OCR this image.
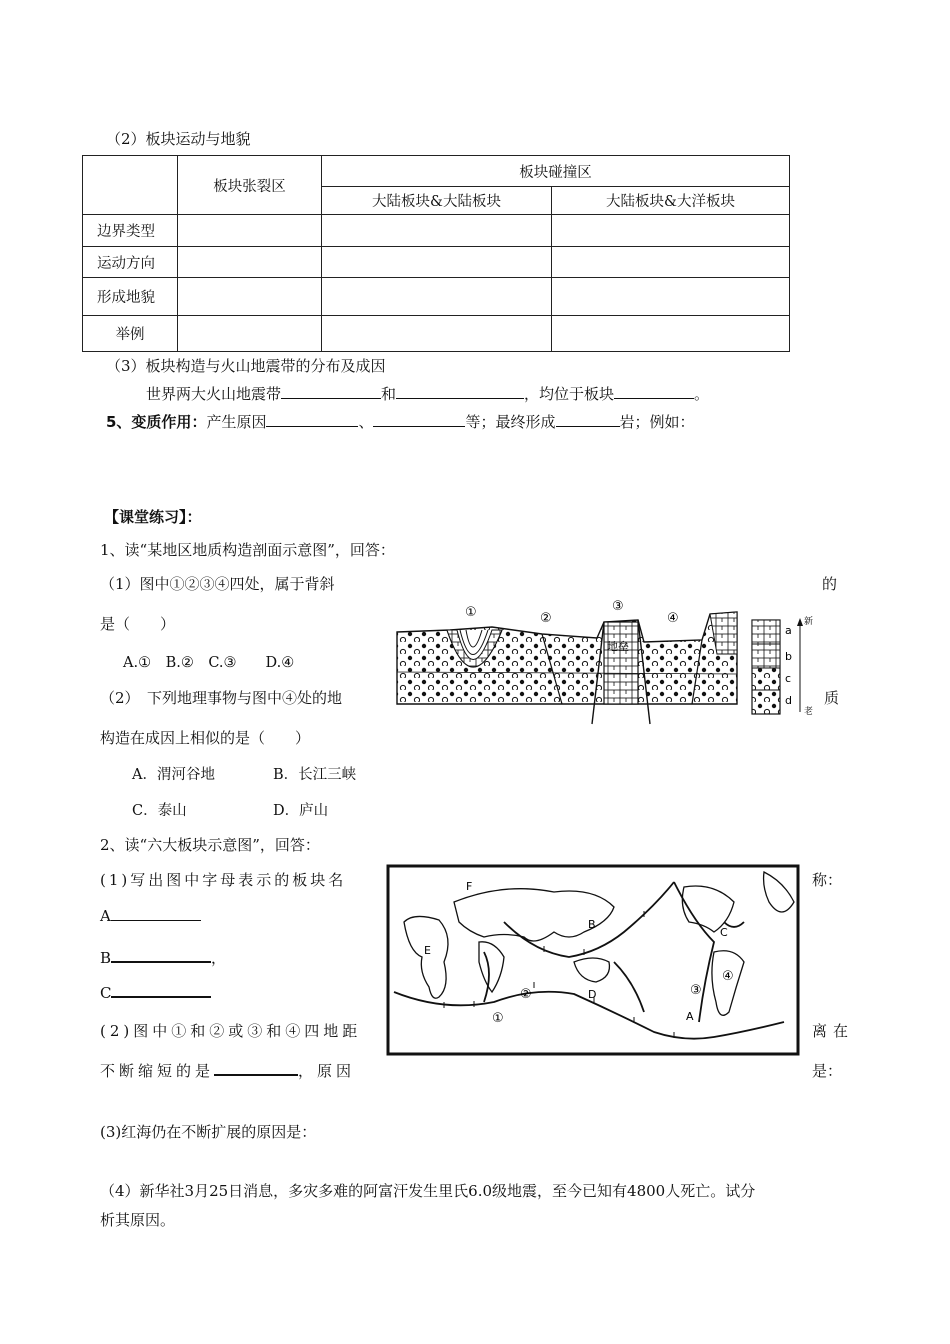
（2）板块运动与地貌
	板块张裂区	板块碰撞区	
		大陆板块&大陆板块	大陆板块&大洋板块
边界类型			
运动方向			
形成地貌			
举例			
（3）板块构造与火山地震带的分布及成因
世界两大火山地震带	和	，均位于板块	。
5、变质作用：产生原因	、	等；最终形成	岩；例如：
【课堂练习】：
1、读“某地区地质构造剖面示意图”，回答：
（1）图中①②③④四处，属于背斜	的
是（　　）
A.①　B.②　C.③　　D.④
（2）　下列地理事物与图中④处的地	质
构造在成因上相似的是（　　）
A．渭河谷地	B．长江三峡
C．泰山	D．庐山
①	②
③
④
地垒
a
b
c
d
新
老
2、读“六大板块示意图”，回答：
(1)写出图中字母表示的板块名	称：
A
B	，
C
(2)图中①和②或③和④四地距	离在
不断缩短的是	，原因	是：
(3)红海仍在不断扩展的原因是：
（4）新华社3月25日消息，多灾多难的阿富汗发生里氏6.0级地震，至今已知有4800人死亡。试分
析其原因。
F
E
B
C
D
A
①
②	③
④
